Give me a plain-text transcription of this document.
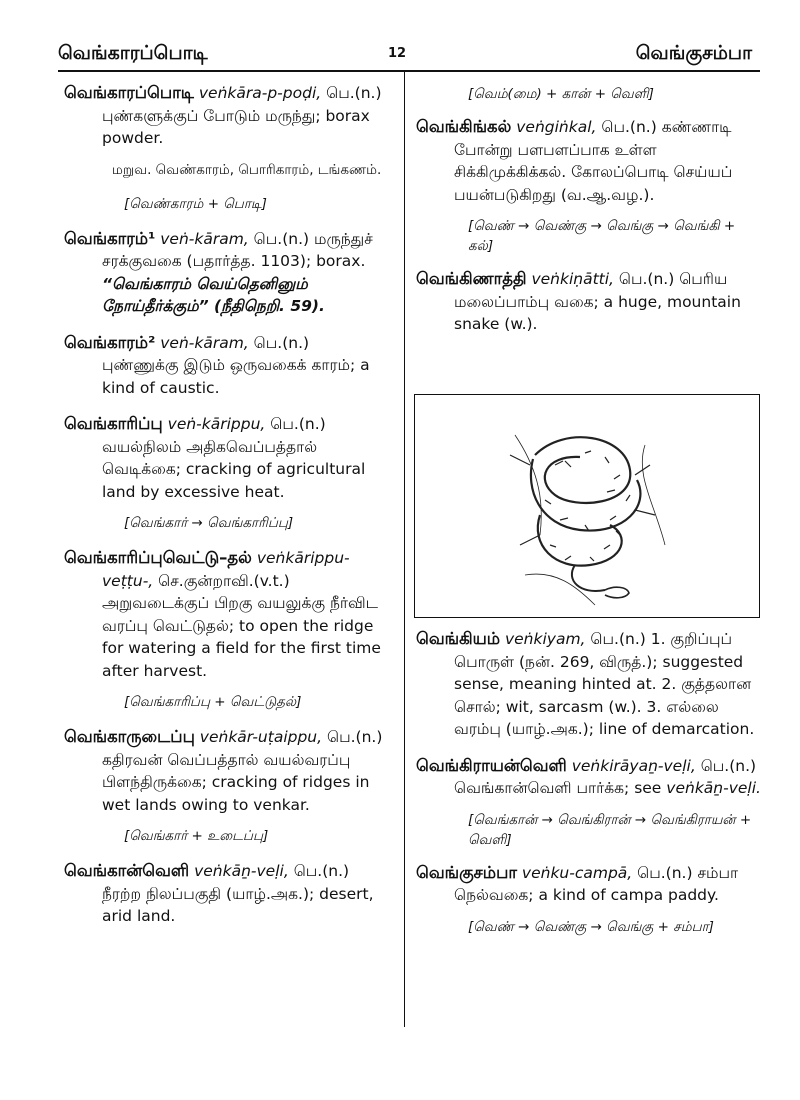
வெங்காரப்பொடி	12	வெங்குசம்பா
வெங்காரப்பொடி veṅkāra-p-poḍi, பெ.(n.) புண்களுக்குப் போடும் மருந்து; borax powder.
மறுவ. வெண்காரம், பொரிகாரம், டங்கணம்.
[வெண்காரம் + பொடி]
வெங்காரம்¹ veṅ-kāram, பெ.(n.) மருந்துச் சரக்குவகை (பதார்த்த. 1103); borax. “வெங்காரம் வெய்தெனினும் நோய்தீர்க்கும்” (நீதிநெறி. 59).
வெங்காரம்² veṅ-kāram, பெ.(n.) புண்ணுக்கு இடும் ஒருவகைக் காரம்; a kind of caustic.
வெங்காரிப்பு veṅ-kārippu, பெ.(n.) வயல்நிலம் அதிகவெப்பத்தால் வெடிக்கை; cracking of agricultural land by excessive heat.
[வெங்கார் → வெங்காரிப்பு]
வெங்காரிப்புவெட்டு–தல் veṅkārippu-veṭṭu-, செ.குன்றாவி.(v.t.) அறுவடைக்குப் பிறகு வயலுக்கு நீர்விட வரப்பு வெட்டுதல்; to open the ridge for watering a field for the first time after harvest.
[வெங்காரிப்பு + வெட்டுதல்]
வெங்காருடைப்பு veṅkār-uṭaippu, பெ.(n.) கதிரவன் வெப்பத்தால் வயல்வரப்பு பிளந்திருக்கை; cracking of ridges in wet lands owing to venkar.
[வெங்கார் + உடைப்பு]
வெங்கான்வெளி veṅkāṉ-veḷi, பெ.(n.) நீரற்ற நிலப்பகுதி (யாழ்.அக.); desert, arid land.
[வெம்(மை) + கான் + வெளி]
வெங்கிங்கல் veṅgiṅkal, பெ.(n.) கண்ணாடி போன்று பளபளப்பாக உள்ள சிக்கிமுக்கிக்கல். கோலப்பொடி செய்யப் பயன்படுகிறது (வ.ஆ.வழ.).
[வெண் → வெண்கு → வெங்கு → வெங்கி + கல்]
வெங்கிணாத்தி veṅkiṇātti, பெ.(n.) பெரிய மலைப்பாம்பு வகை; a huge, mountain snake (w.).
வெங்கியம் veṅkiyam, பெ.(n.) 1. குறிப்புப் பொருள் (நன். 269, விருத்.); suggested sense, meaning hinted at. 2. குத்தலான சொல்; wit, sarcasm (w.). 3. எல்லை வரம்பு (யாழ்.அக.); line of demarcation.
வெங்கிராயன்வெளி veṅkirāyaṉ-veḷi, பெ.(n.) வெங்கான்வெளி பார்க்க; see veṅkāṉ-veḷi.
[வெங்கான் → வெங்கிரான் → வெங்கிராயன் + வெளி]
வெங்குசம்பா veṅku-campā, பெ.(n.) சம்பா நெல்வகை; a kind of campa paddy.
[வெண் → வெண்கு → வெங்கு + சம்பா]
